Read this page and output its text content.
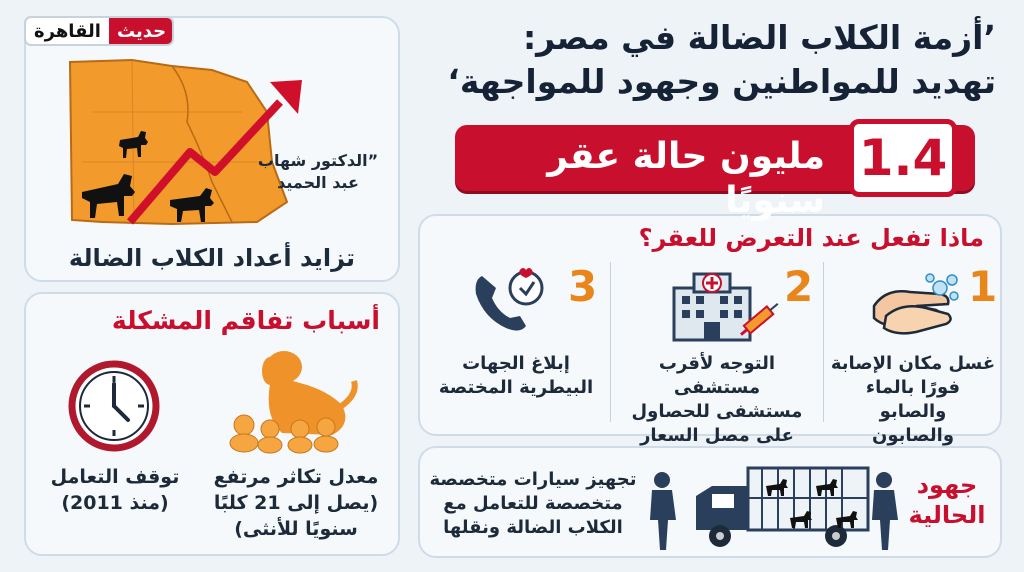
القاهرة حديث	’أزمة الكلاب الضالة في مصر:
تهديد للمواطنين وجهود للمواجهة‘
1.4
مليون حالة عقر سنويًا
”الدكتور شهاب
عبد الحميد
تزايد أعداد الكلاب الضالة
أسباب تفاقم المشكلة
معدل تكاثر مرتفع
(يصل إلى 21 كلبًا
سنويًا للأنثى)
توقف التعامل
(منذ 2011)
ماذا تفعل عند التعرض للعقر؟
1
غسل مكان الإصابة
فورًا بالماء والصابو
والصابون
2
التوجه لأقرب مستشفى
مستشفى للحصاول
على مصل السعار
3
إبلاغ الجهات
البيطرية المختصة
جهود
الحالية
تجهيز سيارات متخصصة
متخصصة للتعامل مع
الكلاب الضالة ونقلها
